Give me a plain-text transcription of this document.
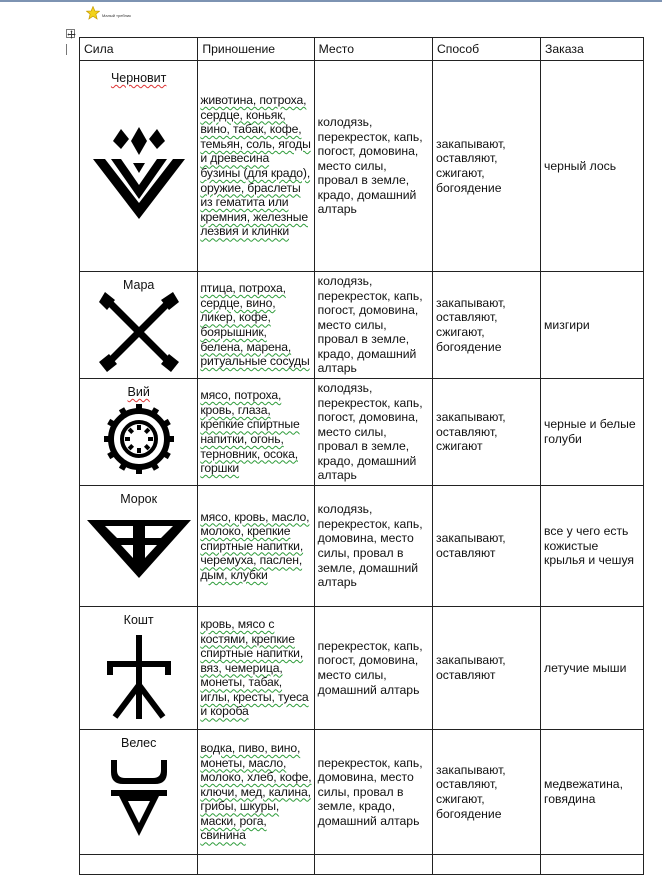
Малый требник
Сила	Приношение	Место	Способ	Заказа

Черновит	животина, потроха, сердце, коньяк, вино, табак, кофе, темьян, соль, ягоды и древесина бузины (для крадо), оружие, браслеты из гематита или кремния, железные лезвия и клинки	колодязь, перекресток, капь, погост, домовина, место силы, провал в земле, крадо, домашний алтарь	закапывают, оставляют, сжигают, богоядение	черный лось

Мара	птица, потроха, сердце, вино, ликер, кофе, боярышник, белена, марена, ритуальные сосуды	колодязь, перекресток, капь, погост, домовина, место силы, провал в земле, крадо, домашний алтарь	закапывают, оставляют, сжигают, богоядение	мизгири

Вий	мясо, потроха, кровь, глаза, крепкие спиртные напитки, огонь, терновник, осока, горшки	колодязь, перекресток, капь, погост, домовина, место силы, провал в земле, крадо, домашний алтарь	закапывают, оставляют, сжигают	черные и белые голуби

Морок	мясо, кровь, масло, молоко, крепкие спиртные напитки, черемуха, паслен, дым, клубки	колодязь, перекресток, капь, домовина, место силы, провал в земле, домашний алтарь	закапывают, оставляют	все у чего есть кожистые крылья и чешуя

Кошт	кровь, мясо с костями, крепкие спиртные напитки, вяз, чемерица, монеты, табак, иглы, кресты, туеса и короба	перекресток, капь, погост, домовина, место силы, домашний алтарь	закапывают, оставляют	летучие мыши

Велес	водка, пиво, вино, монеты, масло, молоко, хлеб, кофе, ключи, мед, калина, грибы, шкуры, маски, рога, свинина	перекресток, капь, домовина, место силы, провал в земле, крадо, домашний алтарь	закапывают, оставляют, сжигают, богоядение	медвежатина, говядина
